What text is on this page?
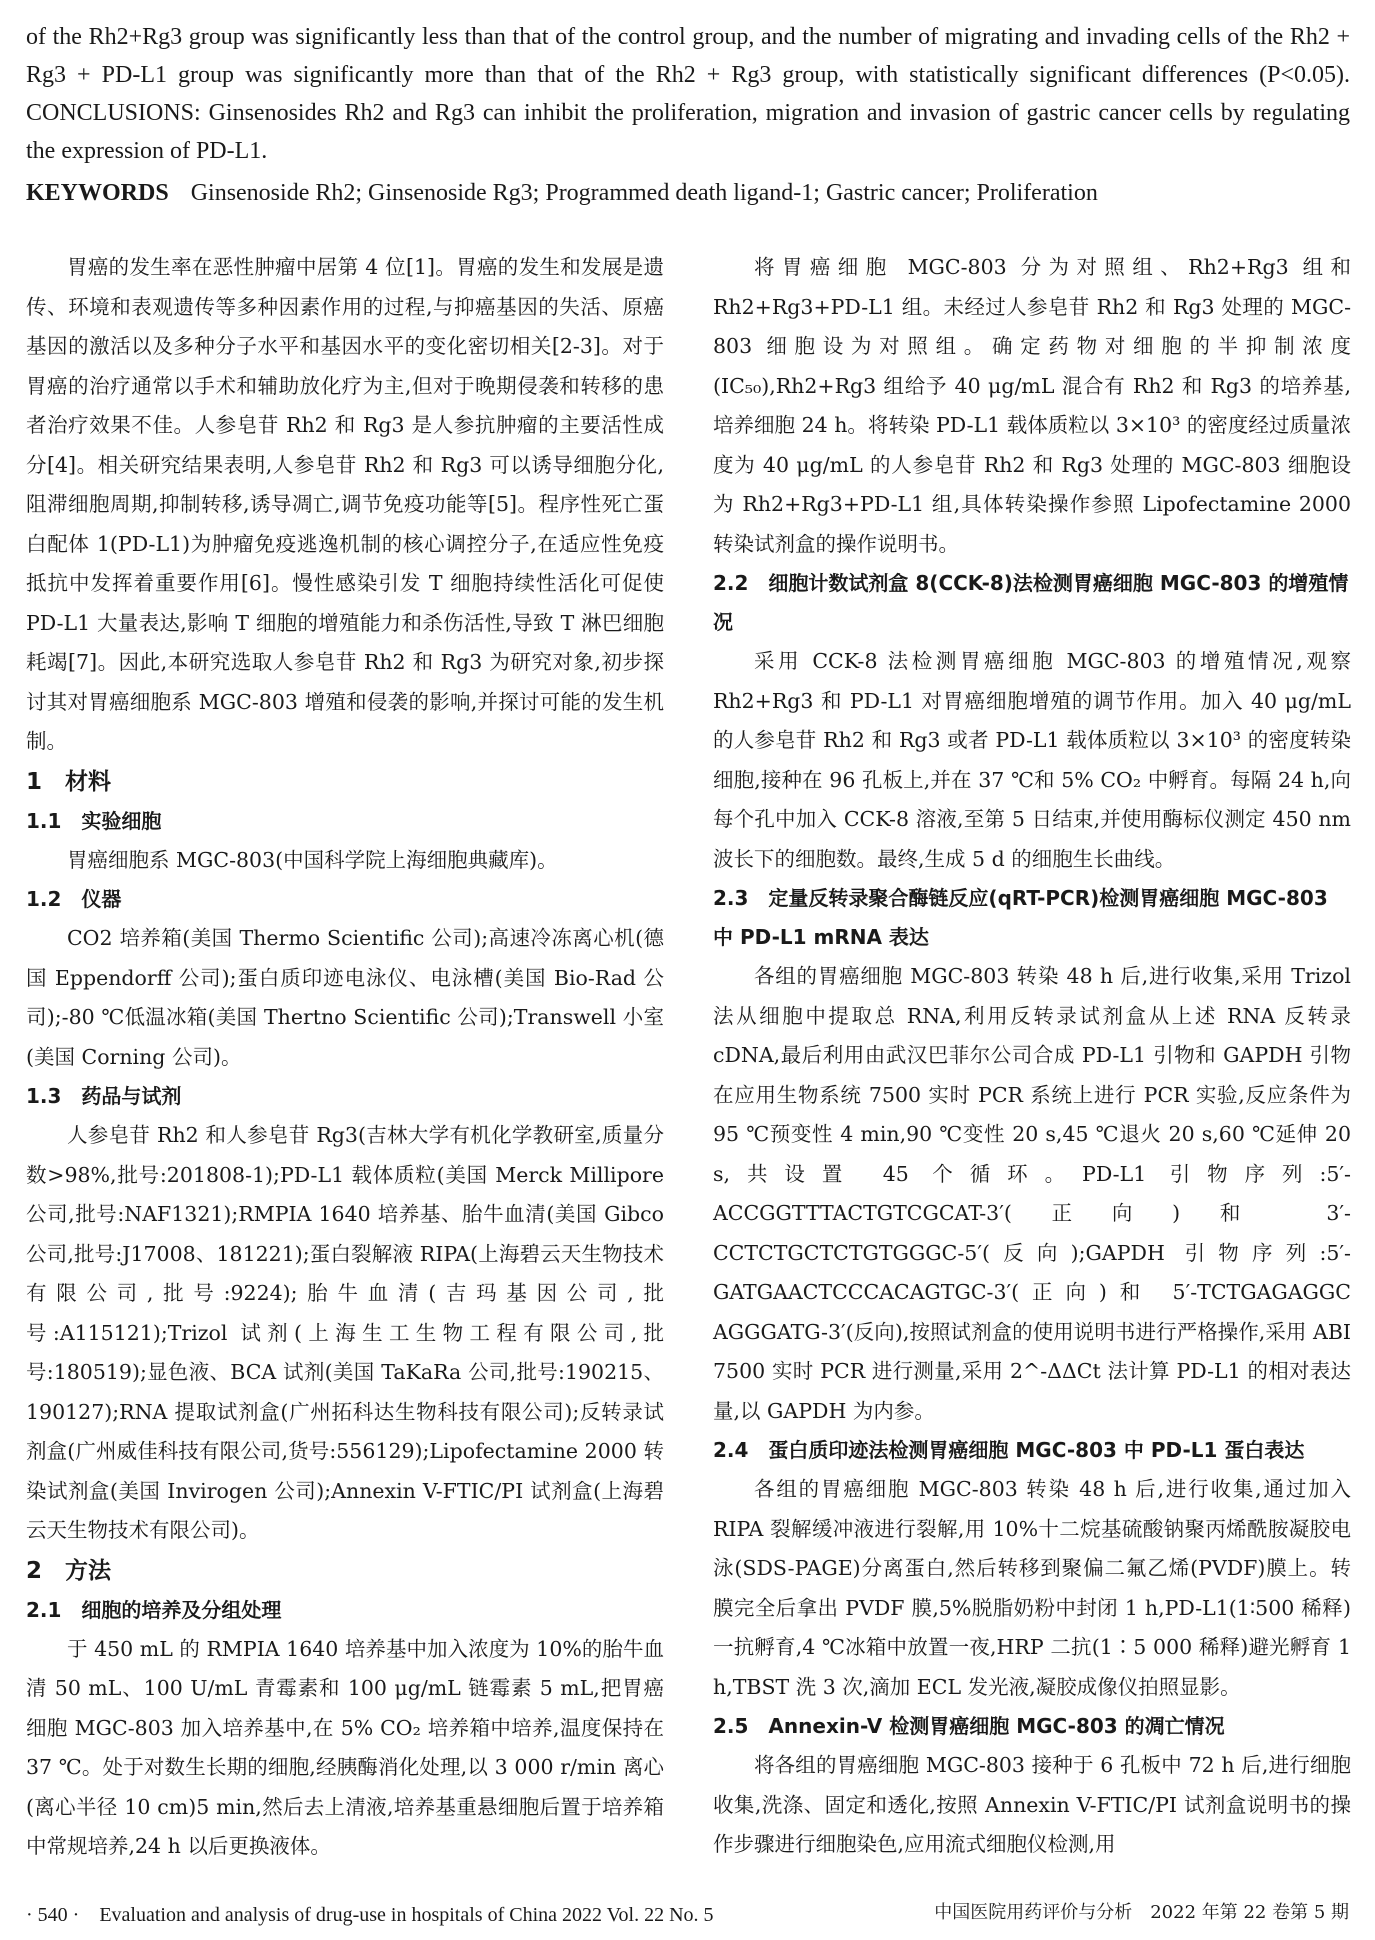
of the Rh2+Rg3 group was significantly less than that of the control group, and the number of migrating and invading cells of the Rh2 + Rg3 + PD-L1 group was significantly more than that of the Rh2 + Rg3 group, with statistically significant differences (P<0.05). CONCLUSIONS: Ginsenosides Rh2 and Rg3 can inhibit the proliferation, migration and invasion of gastric cancer cells by regulating the expression of PD-L1.

KEYWORDS Ginsenoside Rh2; Ginsenoside Rg3; Programmed death ligand-1; Gastric cancer; Proliferation

胃癌的发生率在恶性肿瘤中居第 4 位[1]。胃癌的发生和发展是遗传、环境和表观遗传等多种因素作用的过程,与抑癌基因的失活、原癌基因的激活以及多种分子水平和基因水平的变化密切相关[2-3]。对于胃癌的治疗通常以手术和辅助放化疗为主,但对于晚期侵袭和转移的患者治疗效果不佳。人参皂苷 Rh2 和 Rg3 是人参抗肿瘤的主要活性成分[4]。相关研究结果表明,人参皂苷 Rh2 和 Rg3 可以诱导细胞分化,阻滞细胞周期,抑制转移,诱导凋亡,调节免疫功能等[5]。程序性死亡蛋白配体 1(PD-L1)为肿瘤免疫逃逸机制的核心调控分子,在适应性免疫抵抗中发挥着重要作用[6]。慢性感染引发 T 细胞持续性活化可促使 PD-L1 大量表达,影响 T 细胞的增殖能力和杀伤活性,导致 T 淋巴细胞耗竭[7]。因此,本研究选取人参皂苷 Rh2 和 Rg3 为研究对象,初步探讨其对胃癌细胞系 MGC-803 增殖和侵袭的影响,并探讨可能的发生机制。

1　材料
1.1　实验细胞

胃癌细胞系 MGC-803(中国科学院上海细胞典藏库)。

1.2　仪器

CO2 培养箱(美国 Thermo Scientific 公司);高速冷冻离心机(德国 Eppendorff 公司);蛋白质印迹电泳仪、电泳槽(美国 Bio-Rad 公司);-80 ℃低温冰箱(美国 Thertno Scientific 公司);Transwell 小室(美国 Corning 公司)。

1.3　药品与试剂

人参皂苷 Rh2 和人参皂苷 Rg3(吉林大学有机化学教研室,质量分数>98%,批号:201808-1);PD-L1 载体质粒(美国 Merck Millipore 公司,批号:NAF1321);RMPIA 1640 培养基、胎牛血清(美国 Gibco 公司,批号:J17008、181221);蛋白裂解液 RIPA(上海碧云天生物技术有限公司,批号:9224);胎牛血清(吉玛基因公司,批号:A115121);Trizol 试剂(上海生工生物工程有限公司,批号:180519);显色液、BCA 试剂(美国 TaKaRa 公司,批号:190215、190127);RNA 提取试剂盒(广州拓科达生物科技有限公司);反转录试剂盒(广州威佳科技有限公司,货号:556129);Lipofectamine 2000 转染试剂盒(美国 Invirogen 公司);Annexin V-FTIC/PI 试剂盒(上海碧云天生物技术有限公司)。

2　方法
2.1　细胞的培养及分组处理

于 450 mL 的 RMPIA 1640 培养基中加入浓度为 10%的胎牛血清 50 mL、100 U/mL 青霉素和 100 μg/mL 链霉素 5 mL,把胃癌细胞 MGC-803 加入培养基中,在 5% CO₂ 培养箱中培养,温度保持在 37 ℃。处于对数生长期的细胞,经胰酶消化处理,以 3 000 r/min 离心(离心半径 10 cm)5 min,然后去上清液,培养基重悬细胞后置于培养箱中常规培养,24 h 以后更换液体。

将胃癌细胞 MGC-803 分为对照组、Rh2+Rg3 组和 Rh2+Rg3+PD-L1 组。未经过人参皂苷 Rh2 和 Rg3 处理的 MGC-803 细胞设为对照组。确定药物对细胞的半抑制浓度(IC₅₀),Rh2+Rg3 组给予 40 μg/mL 混合有 Rh2 和 Rg3 的培养基,培养细胞 24 h。将转染 PD-L1 载体质粒以 3×10³ 的密度经过质量浓度为 40 μg/mL 的人参皂苷 Rh2 和 Rg3 处理的 MGC-803 细胞设为 Rh2+Rg3+PD-L1 组,具体转染操作参照 Lipofectamine 2000 转染试剂盒的操作说明书。

2.2　细胞计数试剂盒 8(CCK-8)法检测胃癌细胞 MGC-803 的增殖情况

采用 CCK-8 法检测胃癌细胞 MGC-803 的增殖情况,观察 Rh2+Rg3 和 PD-L1 对胃癌细胞增殖的调节作用。加入 40 μg/mL 的人参皂苷 Rh2 和 Rg3 或者 PD-L1 载体质粒以 3×10³ 的密度转染细胞,接种在 96 孔板上,并在 37 ℃和 5% CO₂ 中孵育。每隔 24 h,向每个孔中加入 CCK-8 溶液,至第 5 日结束,并使用酶标仪测定 450 nm 波长下的细胞数。最终,生成 5 d 的细胞生长曲线。

2.3　定量反转录聚合酶链反应(qRT-PCR)检测胃癌细胞 MGC-803 中 PD-L1 mRNA 表达

各组的胃癌细胞 MGC-803 转染 48 h 后,进行收集,采用 Trizol 法从细胞中提取总 RNA,利用反转录试剂盒从上述 RNA 反转录 cDNA,最后利用由武汉巴菲尔公司合成 PD-L1 引物和 GAPDH 引物在应用生物系统 7500 实时 PCR 系统上进行 PCR 实验,反应条件为 95 ℃预变性 4 min,90 ℃变性 20 s,45 ℃退火 20 s,60 ℃延伸 20 s,共设置 45 个循环。PD-L1 引物序列:5′-ACCGGTTTACTGTCGCAT-3′(正向)和 3′-CCTCTGCTCTGTGGGC-5′(反向);GAPDH 引物序列:5′-GATGAACTCCCACAGTGC-3′(正向)和 5′-TCTGAGAGGC AGGGATG-3′(反向),按照试剂盒的使用说明书进行严格操作,采用 ABI 7500 实时 PCR 进行测量,采用 2^-ΔΔCt 法计算 PD-L1 的相对表达量,以 GAPDH 为内参。

2.4　蛋白质印迹法检测胃癌细胞 MGC-803 中 PD-L1 蛋白表达

各组的胃癌细胞 MGC-803 转染 48 h 后,进行收集,通过加入 RIPA 裂解缓冲液进行裂解,用 10%十二烷基硫酸钠聚丙烯酰胺凝胶电泳(SDS-PAGE)分离蛋白,然后转移到聚偏二氟乙烯(PVDF)膜上。转膜完全后拿出 PVDF 膜,5%脱脂奶粉中封闭 1 h,PD-L1(1∶500 稀释)一抗孵育,4 ℃冰箱中放置一夜,HRP 二抗(1∶5 000 稀释)避光孵育 1 h,TBST 洗 3 次,滴加 ECL 发光液,凝胶成像仪拍照显影。

2.5　Annexin-V 检测胃癌细胞 MGC-803 的凋亡情况

将各组的胃癌细胞 MGC-803 接种于 6 孔板中 72 h 后,进行细胞收集,洗涤、固定和透化,按照 Annexin V-FTIC/PI 试剂盒说明书的操作步骤进行细胞染色,应用流式细胞仪检测,用

· 540 ·　Evaluation and analysis of drug-use in hospitals of China 2022 Vol. 22 No. 5	中国医院用药评价与分析　2022 年第 22 卷第 5 期
